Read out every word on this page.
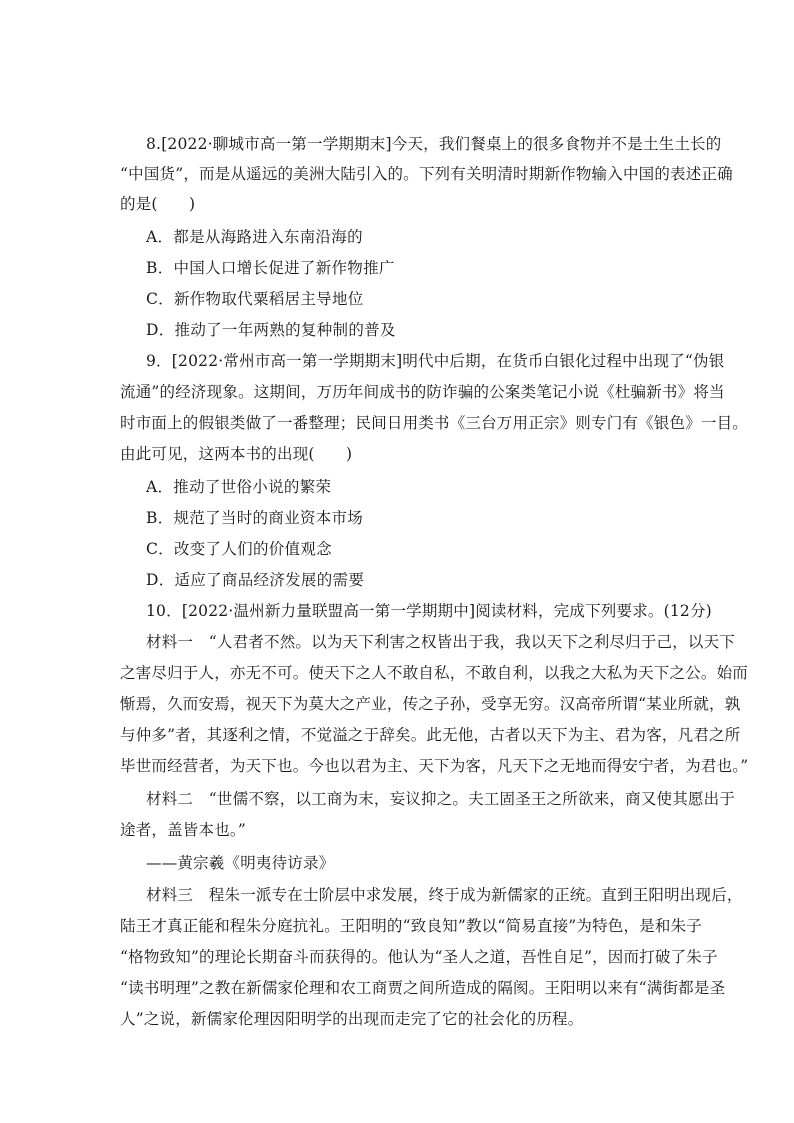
8.[2022·聊城市高一第一学期期末]今天，我们餐桌上的很多食物并不是土生土长的
“中国货”，而是从遥远的美洲大陆引入的。下列有关明清时期新作物输入中国的表述正确
的是(　　)
A．都是从海路进入东南沿海的
B．中国人口增长促进了新作物推广
C．新作物取代粟稻居主导地位
D．推动了一年两熟的复种制的普及
9．[2022·常州市高一第一学期期末]明代中后期，在货币白银化过程中出现了“伪银
流通”的经济现象。这期间，万历年间成书的防诈骗的公案类笔记小说《杜骗新书》将当
时市面上的假银类做了一番整理；民间日用类书《三台万用正宗》则专门有《银色》一目。
由此可见，这两本书的出现(　　)
A．推动了世俗小说的繁荣
B．规范了当时的商业资本市场
C．改变了人们的价值观念
D．适应了商品经济发展的需要
10．[2022·温州新力量联盟高一第一学期期中]阅读材料，完成下列要求。(12分)
材料一　“人君者不然。以为天下利害之权皆出于我，我以天下之利尽归于己，以天下
之害尽归于人，亦无不可。使天下之人不敢自私，不敢自利，以我之大私为天下之公。始而
惭焉，久而安焉，视天下为莫大之产业，传之子孙，受享无穷。汉高帝所谓“某业所就，孰
与仲多”者，其逐利之情，不觉溢之于辞矣。此无他，古者以天下为主、君为客，凡君之所
毕世而经营者，为天下也。今也以君为主、天下为客，凡天下之无地而得安宁者，为君也。”
材料二　“世儒不察，以工商为末，妄议抑之。夫工固圣王之所欲来，商又使其愿出于
途者，盖皆本也。”
——黄宗羲《明夷待访录》
材料三　程朱一派专在士阶层中求发展，终于成为新儒家的正统。直到王阳明出现后，
陆王才真正能和程朱分庭抗礼。王阳明的“致良知”教以“简易直接”为特色，是和朱子
“格物致知”的理论长期奋斗而获得的。他认为“圣人之道，吾性自足”，因而打破了朱子
“读书明理”之教在新儒家伦理和农工商贾之间所造成的隔阂。王阳明以来有“满街都是圣
人”之说，新儒家伦理因阳明学的出现而走完了它的社会化的历程。
